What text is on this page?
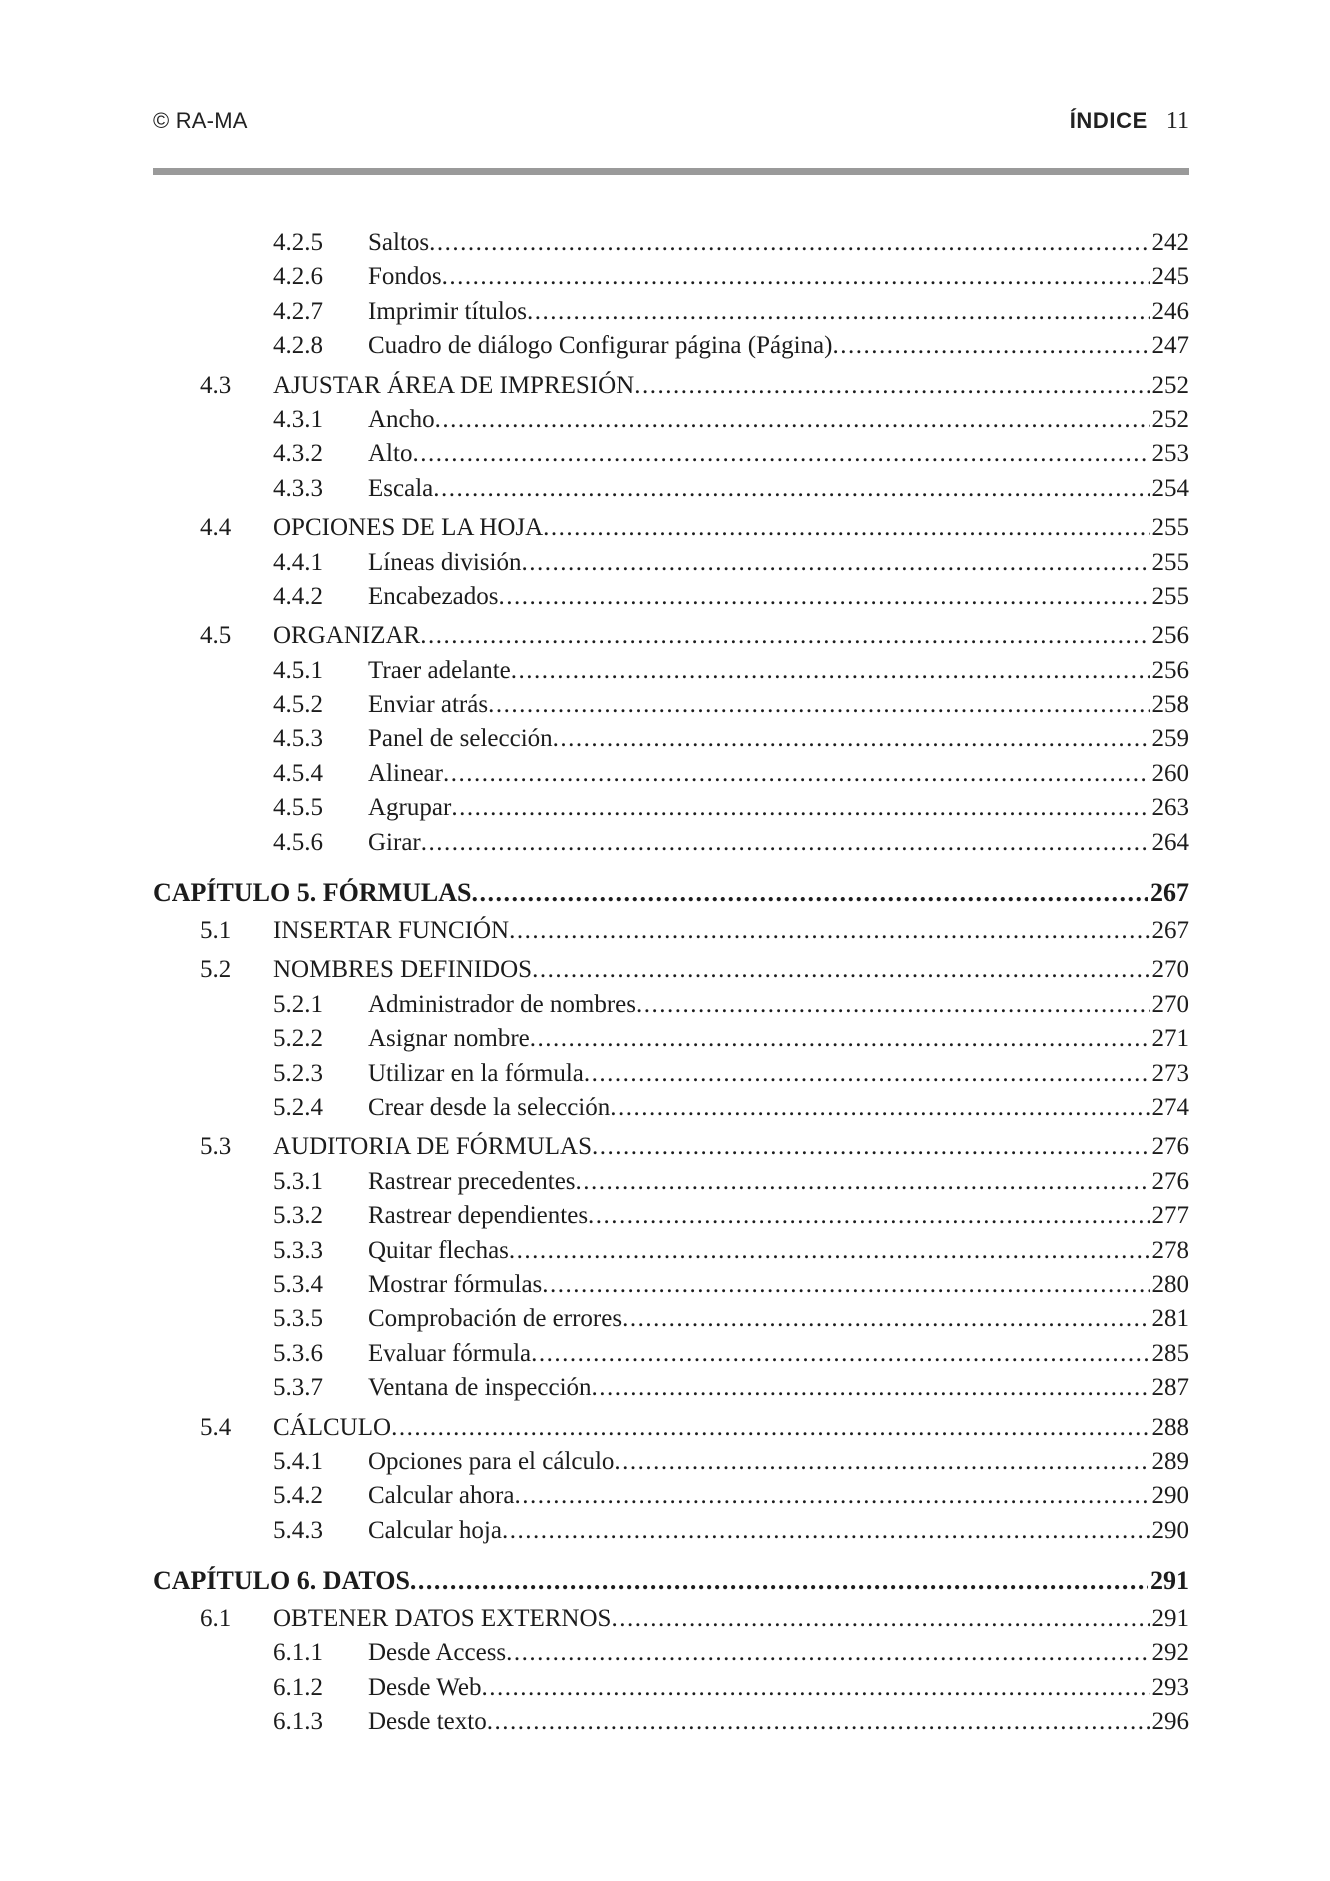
© RA-MA	ÍNDICE 11
4.2.5 Saltos .....	242
4.2.6 Fondos .....	245
4.2.7 Imprimir títulos .....	246
4.2.8 Cuadro de diálogo Configurar página (Página) .....	247
4.3 AJUSTAR ÁREA DE IMPRESIÓN .....	252
4.3.1 Ancho .....	252
4.3.2 Alto .....	253
4.3.3 Escala .....	254
4.4 OPCIONES DE LA HOJA .....	255
4.4.1 Líneas división .....	255
4.4.2 Encabezados .....	255
4.5 ORGANIZAR .....	256
4.5.1 Traer adelante .....	256
4.5.2 Enviar atrás .....	258
4.5.3 Panel de selección .....	259
4.5.4 Alinear .....	260
4.5.5 Agrupar .....	263
4.5.6 Girar .....	264
CAPÍTULO 5. FÓRMULAS .....	267
5.1 INSERTAR FUNCIÓN .....	267
5.2 NOMBRES DEFINIDOS .....	270
5.2.1 Administrador de nombres .....	270
5.2.2 Asignar nombre .....	271
5.2.3 Utilizar en la fórmula .....	273
5.2.4 Crear desde la selección .....	274
5.3 AUDITORIA DE FÓRMULAS .....	276
5.3.1 Rastrear precedentes .....	276
5.3.2 Rastrear dependientes .....	277
5.3.3 Quitar flechas .....	278
5.3.4 Mostrar fórmulas .....	280
5.3.5 Comprobación de errores .....	281
5.3.6 Evaluar fórmula .....	285
5.3.7 Ventana de inspección .....	287
5.4 CÁLCULO .....	288
5.4.1 Opciones para el cálculo .....	289
5.4.2 Calcular ahora .....	290
5.4.3 Calcular hoja .....	290
CAPÍTULO 6. DATOS .....	291
6.1 OBTENER DATOS EXTERNOS .....	291
6.1.1 Desde Access .....	292
6.1.2 Desde Web .....	293
6.1.3 Desde texto .....	296
